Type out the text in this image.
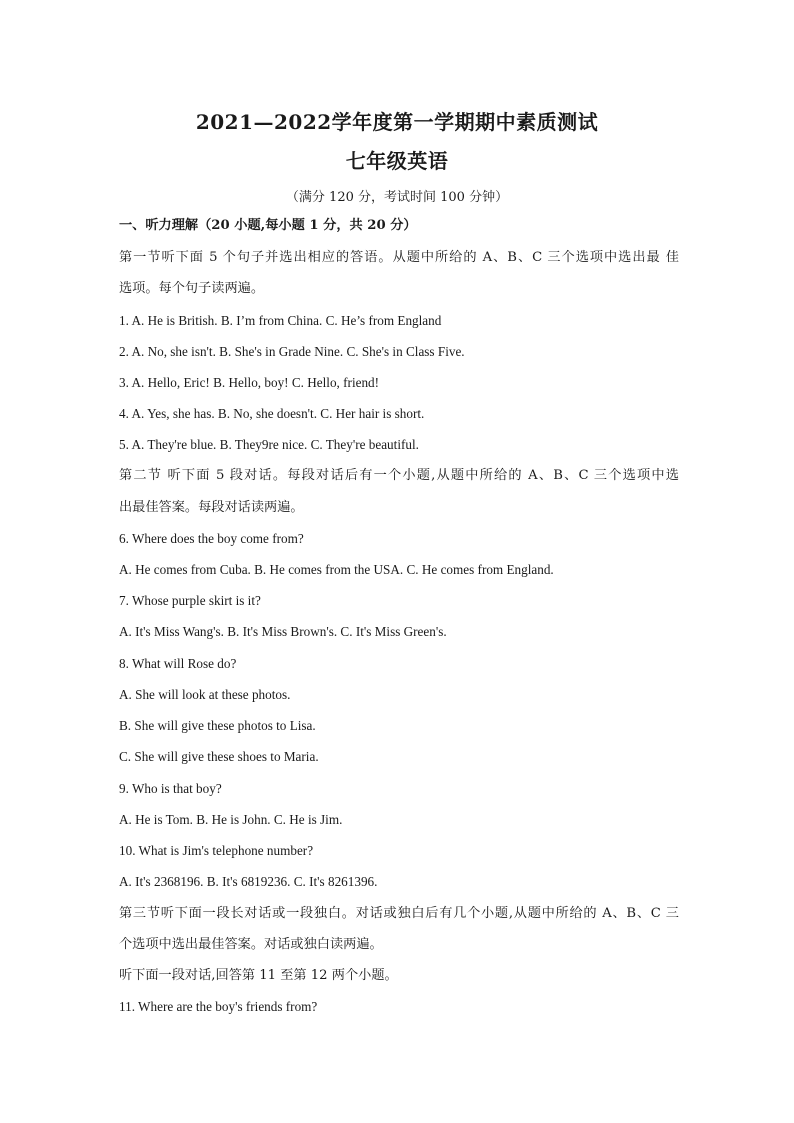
2021—2022学年度第一学期期中素质测试
七年级英语
（满分 120 分，考试时间 100 分钟）
一、听力理解（20 小题,每小题 1 分，共 20 分）
第一节听下面 5 个句子并选出相应的答语。从题中所给的 A、B、C 三个选项中选出最 佳
选项。每个句子读两遍。
1. A. He is British. B. I’m from China. C. He’s from England
2. A. No, she isn't. B. She's in Grade Nine. C. She's in Class Five.
3. A. Hello, Eric! B. Hello, boy! C. Hello, friend!
4. A. Yes, she has. B. No, she doesn't. C. Her hair is short.
5. A. They're blue. B. They9re nice. C. They're beautiful.
第二节 听下面 5 段对话。每段对话后有一个小题,从题中所给的 A、B、C 三个选项中选
出最佳答案。每段对话读两遍。
6. Where does the boy come from?
A. He comes from Cuba. B. He comes from the USA. C. He comes from England.
7. Whose purple skirt is it?
A. It's Miss Wang's. B. It's Miss Brown's. C. It's Miss Green's.
8. What will Rose do?
A. She will look at these photos.
B. She will give these photos to Lisa.
C. She will give these shoes to Maria.
9. Who is that boy?
A. He is Tom. B. He is John. C. He is Jim.
10. What is Jim's telephone number?
A. It's 2368196. B. It's 6819236. C. It's 8261396.
第三节听下面一段长对话或一段独白。对话或独白后有几个小题,从题中所给的 A、B、C 三
个选项中选出最佳答案。对话或独白读两遍。
听下面一段对话,回答第 11 至第 12 两个小题。
11. Where are the boy's friends from?
